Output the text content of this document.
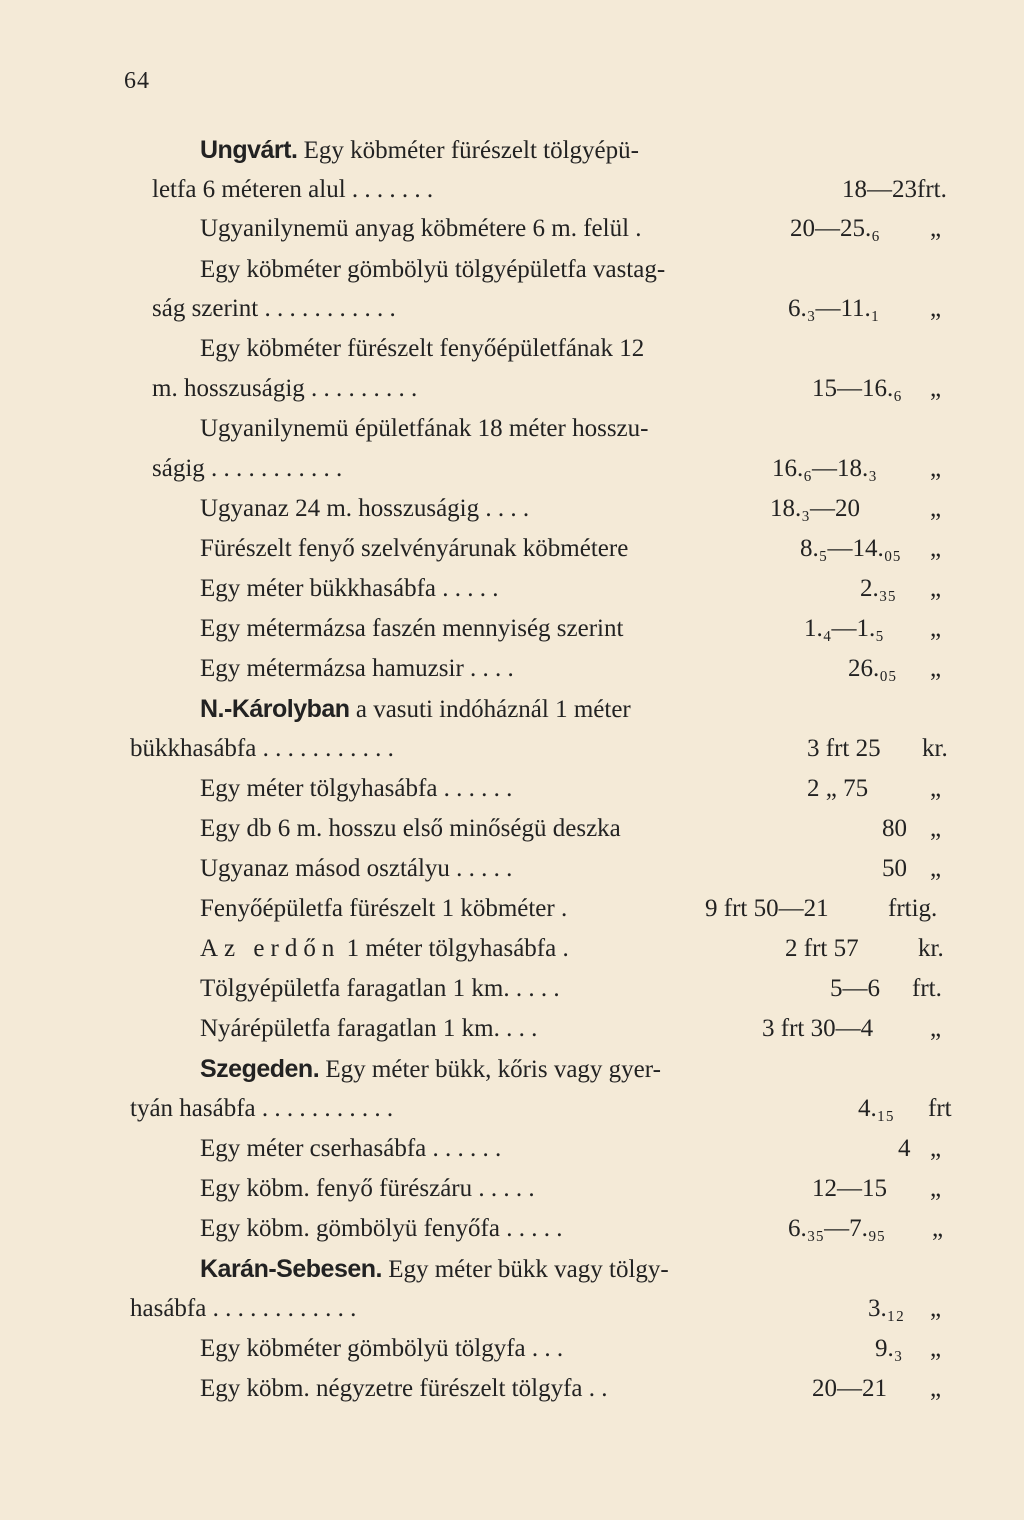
64
Ungvárt. Egy köbméter fürészelt tölgyépü-
letfa 6 méteren alul . . . . . . .	18—23 frt.
Ugyanilynemü anyag köbmétere 6 m. felül .	20—25.₆ „
Egy köbméter gömbölyü tölgyépületfa vastag-
ság szerint . . . . . . . . . . .	6.₃—11.₁ „
Egy köbméter fürészelt fenyőépületfának 12
m. hosszuságig . . . . . . . . .	15—16.₆ „
Ugyanilynemü épületfának 18 méter hosszu-
ságig . . . . . . . . . . .	16.₆—18.₃ „
Ugyanaz 24 m. hosszuságig . . . .	18.₃—20	„
Fürészelt fenyő szelvényárunak köbmétere	8.₅—14.₀₅ „
Egy méter bükkhasábfa . . . . .	2.₃₅ „
Egy métermázsa faszén mennyiség szerint	1.₄—1.₅ „
Egy métermázsa hamuzsir . . . .	26.₀₅ „
N.-Károlyban a vasuti indóháznál 1 méter
bükkhasábfa . . . . . . . . . . .	3 frt 25 kr.
Egy méter tölgyhasábfa . . . . . .	2 „ 75 „
Egy db 6 m. hosszu első minőségü deszka	80 „
Ugyanaz másod osztályu . . . . .	50 „
Fenyőépületfa fürészelt 1 köbméter .	9 frt 50—21 frtig.
Az erdőn 1 méter tölgyhasábfa .	2 frt 57 kr.
Tölgyépületfa faragatlan 1 km. . . . .	5—6 frt.
Nyárépületfa faragatlan 1 km. . . .	3 frt 30—4 „
Szegeden. Egy méter bükk, kőris vagy gyer-
tyán hasábfa . . . . . . . . . . .	4.₁₅ frt
Egy méter cserhasábfa . . . . . .	4 „
Egy köbm. fenyő fürészáru . . . . .	12—15 „
Egy köbm. gömbölyü fenyőfa . . . . .	6.₃₅—7.₉₅ „
Karán-Sebesen. Egy méter bükk vagy tölgy-
hasábfa . . . . . . . . . . . .	3.₁₂ „
Egy köbméter gömbölyü tölgyfa . . .	9.₃ „
Egy köbm. négyzetre fürészelt tölgyfa . .	20—21 „
